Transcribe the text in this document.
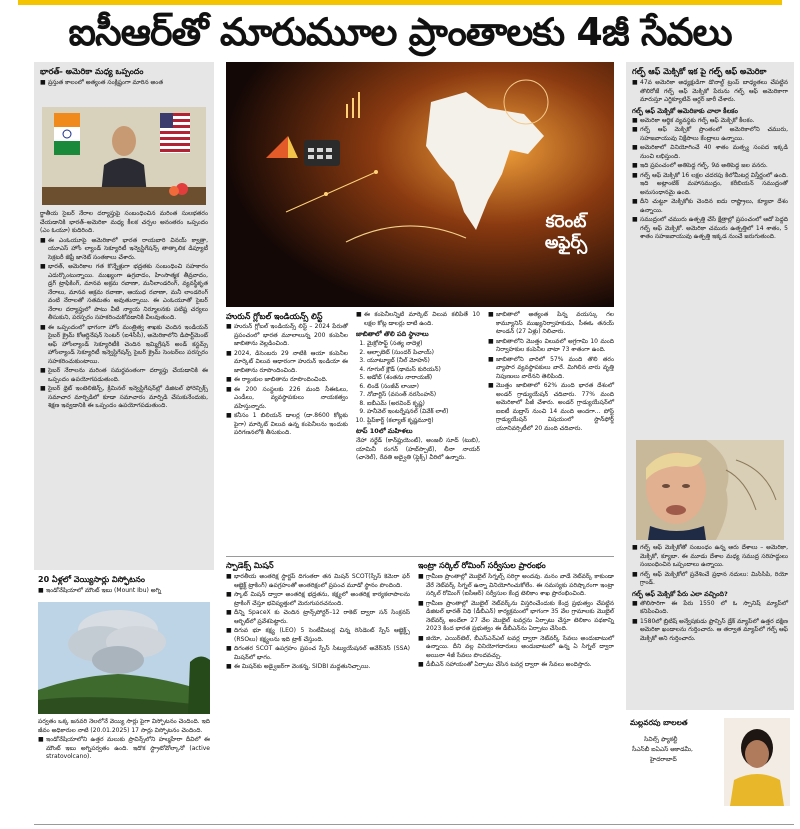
ఐసీఆర్‌తో మారుమూల ప్రాంతాలకు 4జీ సేవలు
భారత్‌- అమెరికా మధ్య ఒప్పందం
■ ప్రస్తుత కాలంలో అత్యంత సంక్లిష్టంగా మారిన అంత
ర్జాతీయ సైబర్‌ నేరాల దర్యాప్తుపై సంబంధించిన మరింత సులభతరం చేయడానికి భారత్‌–అమెరికా మధ్య కీలక చర్చల అనంతరం ఒప్పందం (ఎం ఓయూ) కుదిరింది.
■ ఈ ఎంఓయూపై అమెరికాలో భారత రాయబారి వినయ్‌ క్వాత్రా, యూఎస్‌ హోం ల్యాండ్‌ సెక్యూరిటీ ఇన్వెస్టిగేషన్స్‌ తాత్కాలిక డిప్యూటీ సెక్రటరీ జెఫ్రీ జానెట్‌ సంతకాలు చేశారు.
■ భారత్‌, అమెరికాల గత కొన్నేళ్లుగా భద్రతకు సంబంధించి సహకారం ఎదుర్కొంటున్నాయి. ముఖ్యంగా ఉగ్రవాదం, హింసాత్మక తీవ్రవాదం, డ్రగ్‌ ట్రాఫికింగ్‌, మానవ అక్రమ రవాణా, మనీలాండరింగ్‌, వ్యవస్థీకృత నేరాలు, మానవ అక్రమ రవాణా, ఆయుధ రవాణా, మనీ లాండరింగ్‌ వంటి నేరాలతో సతమతం అవుతున్నాయి. ఈ ఎంఓయూతో సైబర్‌ నేరాల దర్యాప్తులో పాటు వీటి న్యాయ నిర్మూలనకు పటిష్ట చర్యలు తీసుకుని, పరస్పరం సహకరించుకోవడానికి వీలవుతుంది.
■ ఈ ఒప్పందంలో భాగంగా హోం మంత్రిత్వ శాఖకు చెందిన ఇండియన్‌ సైబర్‌ క్రైమ్‌ కోఆర్డినేషన్‌ సెంటర్‌ (ఐ4సీసీ), అమెరికాలోని డిపార్ట్‌మెంట్‌ ఆఫ్‌ హోంల్యాండ్‌ సెక్యూరిటీకి చెందిన ఇమ్మిగ్రేషన్‌ అండ్‌ కస్టమ్స్‌ హోంల్యాండ్‌ సెక్యూరిటీ ఇన్వెస్టిగేషన్స్‌ సైబర్‌ క్రైమ్‌ సెంటర్‌లు పరస్పరం సహకరించుకుంటాయి.
■ సైబర్‌ నేరాలను మరింత సమర్థవంతంగా దర్యాప్తు చేయడానికి ఈ ఒప్పందం ఉపయోగపడుతుంది.
■ సైబర్‌ థ్రెట్‌ ఇంటెలిజెన్స్‌, క్రిమినల్‌ ఇన్వెస్టిగేషన్‌ల్లో డిజిటల్‌ ఫోరెన్సిక్స్‌ సమాచార మార్పిడిలో కూడా సమాచారం మార్పిడి చేసుకునేందుకు, శిక్షణ ఇవ్వడానికి ఈ ఒప్పందం ఉపయోగపడుతుంది.
20 ఏళ్లలో వెయ్యిసార్లు విస్ఫోటనం
■ ఇండోనేషియాలో మౌంట్‌ ఇబు (Mount Ibu) అగ్ని
పర్వతం ఒక్క జనవరి నెలలోనే వెయ్యి సార్లు పైగా విస్ఫోటనం చెందింది. ఇది జీవం అధికారుల నాటి (20.01.2025) 17 సార్లు విస్ఫోటనం చెందింది.
■ ఇండోనేషియాలోని ఉత్తర మలుకు ప్రావిన్స్‌లోని హల్మహేరా దీవిలో ఈ మౌంట్‌ ఇబు అగ్నిపర్వతం ఉంది. ఇదొక స్ట్రాటోవోల్కానో (active stratovolcano).
కరెంట్‌
అఫైర్స్‌
హురున్‌ గ్లోబల్‌ ఇండియన్స్‌ లిస్ట్‌
■ హురున్‌ గ్లోబల్‌ ఇండియన్స్‌ లిస్ట్‌ – 2024 పేరుతో ప్రపంచంలో భారత మూలాలున్న 200 కంపెనీల జాబితాను వెల్లడించింది.
■ 2024, డిసెంబరు 29 నాటికి ఆయా కంపెనీల మార్కెట్‌ విలువ ఆధారంగా హురున్‌ ఇండియా ఈ జాబితాను రూపొందించింది.
■ ఈ ర్యాంకుల జాబితాను రూపొందించింది.
■ ఈ 200 సంస్థలకు 226 మంది సీఈఓలు, ఎండీలు, వ్యవస్థాపకులు నాయకత్వం వహిస్తున్నారు.
■ కనీసం 1 బిలియన్‌ డాలర్ల (దా.8600 కోట్లకు పైగా) మార్కెట్‌ విలువ ఉన్న కంపెనీలను ఇందుకు పరిగణనలోకి తీసుకుంది.
■ ఈ కంపెనీలన్నిటి మార్కెట్‌ విలువ కలిపితే 10 లక్షల కోట్ల డాలర్లు దాటి ఉంది.
జాబితాలో తొలి పది స్థానాలు
1. మైక్రోసాఫ్ట్‌ (సత్య నాదెళ్ల)
2. ఆల్ఫాబెట్‌ (సుందర్‌ పిచాయ్‌)
3. యూట్యూబ్‌ (నీల్‌ మోహన్‌)
4. గూగుల్‌ క్లౌడ్‌ (థామస్‌ కురియన్‌)
5. అడోబ్‌ (శంతను నారాయణ్‌)
6. లిండే (సంజీవ్‌ లాంబా)
7. నోవార్టిస్‌ (వసంత్‌ నరసింహన్‌)
8. ఐబీఎమ్‌ (అరవింద్‌ కృష్ణ)
9. హనీవెల్‌ ఇంటర్నేషనల్‌ (వివేక్‌ లాల్‌)
10. ఫ్లిప్‌కార్ట్‌ (కల్యాణ్‌ కృష్ణమూర్తి)
టాప్‌ 10లో మహిళలు
నేహా నర్ఖేడ్‌ (కాన్‌ఫ్లుయెంట్‌), అంజలీ సూద్‌ (టుబి), యామినీ రంగన్‌ (హబ్‌స్పాట్‌), లీనా నాయర్‌ (చానెల్‌), రేవతి అద్వైతి (ఫ్లెక్స్‌) వీరిలో ఉన్నారు.
■ జాబితాలో అత్యంత పిన్న వయస్కు గల కామ్యూనిస్‌ ముఖ్యనిర్వాహకుడు, సీఈఓ తనయ్‌ టాండన్‌ (27 ఏళ్లు) నిలిచారు.
■ జాబితాలోని మొత్తం విలువలో అగ్రగామి 10 మంది నిర్వాహకుల కంపెనీల వాటా 73 శాతంగా ఉంది.
■ జాబితాలోని వారిలో 57% మంది తొలి తరం వ్యాపార వ్యవస్థాపకులు వారే. మిగిలిన వారు వృత్తి నిపుణులు వారేనని తెలిపింది.
■ మొత్తం జాబితాలో 62% మంది భారత దేశంలో అండర్‌ గ్రాడ్యుయేషన్‌ చదివారు. 77% మంది అమెరికాలో పీజీ చేశారు. అండర్‌ గ్రాడ్యుయేషన్‌లో ఐఐటీ మద్రాస్‌ నుంచి 14 మంది అందగా... పోస్ట్‌ గ్రాడ్యుయేషన్‌ విషయంలో స్టాన్‌ఫోర్డ్‌ యూనివర్సిటీలో 20 మంది చదివారు.
స్పాడెక్స్‌ మిషన్‌
■ భారతీయ అంతరిక్ష స్టార్టప్‌ దిగంతరా తన మిషన్‌ SCOT(స్పేస్‌ కెమెరా ఫర్‌ ఆబ్జెక్ట్‌ ట్రాకింగ్‌) ఉపగ్రహంతో అంతరిక్షంలో ప్రపంచ మూడో స్థానం పొందింది.
■ స్కాట్‌ మిషన్‌ ద్వారా అంతరిక్ష భద్రతను, కక్ష్యలో అంతరిక్ష కార్యకలాపాలను ట్రాకింగ్‌ చేస్తూ భవిష్యత్తులో మెరుగుపరచనుంది.
■ దీన్ని SpaceX కు చెందిన ట్రాన్స్‌పోర్టర్‌–12 రాకెట్‌ ద్వారా సన్‌ సింక్రనస్‌ ఆర్బిట్‌లో ప్రవేశపెట్టారు.
■ దిగువ భూ కక్ష్య (LEO) 5 సెంటీమీటర్ల చిన్న రెసిడెంట్‌ స్పేస్‌ ఆబ్జెక్ట్స్‌ (RSOలు) కక్ష్యలను ఇది ట్రాక్‌ చేస్తుంది.
■ దిగంతర SCOT ఉపగ్రహం ప్రపంచ స్పేస్‌ సిట్యుయేషనల్‌ అవేర్‌నెస్‌ (SSA) మిషన్‌లో భాగం.
■ ఈ మిషన్‌కు అడ్వైజర్‌గా వెంకన్న, SIDBI మద్దతునిచ్చాయి.
ఇంట్రా సర్కిల్‌ రోమింగ్‌ సర్వీసుల ప్రారంభం
■ గ్రామీణ ప్రాంతాల్లో మొబైల్‌ సిగ్నల్స్‌ సరిగ్గా అందవు. మనం వాడే నెట్‌వర్క్‌ కాకుండా వేరే నెట్‌వర్క్‌ సిగ్నల్‌ ఉన్నా వినియోగించుకోలేం. ఈ సమస్యకు పరిష్కారంగా ఇంట్రా సర్కిల్‌ రోమింగ్‌ (ఐసీఆర్‌) సర్వీసుల కేంద్ర టెలికాం శాఖ ప్రారంభించింది.
■ గ్రామీణ ప్రాంతాల్లో మొబైల్‌ నెట్‌వర్క్‌ను విస్తరించేందుకు కేంద్ర ప్రభుత్వం చేపట్టిన డిజిటల్‌ భారత్‌ నిధి (డీబీఎన్‌) కార్యక్రమంలో భాగంగా 35 వేల గ్రామాలకు మొబైల్‌ నెట్‌వర్క్‌ అందేలా 27 వేల మొబైల్‌ టవర్లను ఏర్పాటు చేస్తూ టెలికాం పథకాన్ని 2023 కింద భారత ప్రభుత్వం ఈ డీబీఎన్‌ను ఏర్పాటు చేసింది.
■ జియో, ఎయిర్‌టెల్‌, బీఎస్‌ఎన్‌ఎల్‌ టవర్ల ద్వారా నెట్‌వర్క్‌ సేవలు అందుబాటులో ఉన్నాయి. దీని వల్ల వినియోగదారులు అందుబాటులో ఉన్న ఏ సిగ్నల్‌ ద్వారా అయినా 4జీ సేవలు పొందవచ్చు.
■ డీబీఎన్‌ సహాయంతో ఏర్పాటు చేసిన టవర్ల ద్వారా ఈ సేవలు అందిస్తారు.
గల్ఫ్‌ ఆఫ్‌ మెక్సికో ఇక పై గల్ఫ్‌ ఆఫ్‌ అమెరికా
■ 47వ అమెరికా అధ్యక్షుడిగా డొనాల్డ్‌ ట్రంప్‌ బాధ్యతలు చేపట్టిన తొలిరోజే గల్ఫ్‌ ఆఫ్‌ మెక్సికో పేరును గల్ఫ్‌ ఆఫ్‌ అమెరికాగా మారుస్తూ ఎగ్జిక్యూటివ్‌ ఆర్డర్‌ జారీ చేశారు.
గల్ఫ్‌ ఆఫ్‌ మెక్సికో ఆమెరికాకు చాలా కీలకం
■ అమెరికా ఆర్థిక వ్యవస్థకు గల్ఫ్‌ ఆఫ్‌ మెక్సికో కీలకం.
■ గల్ఫ్‌ ఆఫ్‌ మెక్సికో ప్రాంతంలో అమెరికాలోని చమురు, సహజవాయువు నిక్షేపాలు కేంద్రాలు ఉన్నాయి.
■ అమెరికాలో వినియోగించే 40 శాతం మత్స్య సంపద ఇక్కడి నుంచి లభిస్తుంది.
■ ఇది ప్రపంచంలో అతిపెద్ద గల్ఫ్‌. 9వ అతిపెద్ద జల వనరు.
■ గల్ఫ్‌ ఆఫ్‌ మెక్సికో 16 లక్షల చదరపు కిలోమీటర్ల విస్తీర్ణంలో ఉంది. ఇది అట్లాంటిక్‌ మహాసముద్రం, కరీబియన్‌ సముద్రంతో అనుసంధానమై ఉంది.
■ దీని చుట్టూ మెక్సికోకు చెందిన ఐదు రాష్ట్రాలు, క్యూబా దేశం ఉన్నాయి.
■ సముద్రంలో చమురు ఉత్పత్తి చేసే క్షేత్రాల్లో ప్రపంచంలో ఆదో పెద్దది గల్ఫ్‌ ఆఫ్‌ మెక్సికో. అమెరికా చమురు ఉత్పత్తిలో 14 శాతం, 5 శాతం సహజవాయువు ఉత్పత్తి ఇక్కడ నుంచే జరుగుతుంది.
■ గల్ఫ్‌ ఆఫ్‌ మెక్సికోతో సంబంధం ఉన్న ఆరు దేశాలు – అమెరికా, మెక్సికో, క్యూబా. ఈ మూడు దేశాల మధ్య సముద్ర సరిహద్దులు సంబంధించిన ఒప్పందాలు ఉన్నాయి.
■ గల్ఫ్‌ ఆఫ్‌ మెక్సికోలో ప్రవేశించే ప్రధాన నదులు: మిసిసిపి, రియో గ్రాండ్‌.
గల్ఫ్‌ ఆఫ్‌ మెక్సికో పేరు ఎలా వచ్చింది?
■ తొలిసారిగా ఈ పేరు 1550 లో ఓ స్పానిష్‌ మ్యాప్‌లో కనిపించింది.
■ 1580లో బ్రిటిష్‌ అన్వేషకుడు ఫ్రాన్సిస్‌ డ్రేక్‌ మ్యాప్‌లో ఉత్తర దక్షిణ అమెరికా ఖండాలను గుర్తించారు. ఆ తర్వాత మ్యాప్‌లో గల్ఫ్‌ ఆఫ్‌ మెక్సికో అని గుర్తించారు.
మల్లవరపు బాలలత
సివిల్స్‌ ఫ్యాకల్టీ
సీఎస్‌బీ ఐఏఎస్‌ అకాడమీ,
హైదరాబాద్‌
